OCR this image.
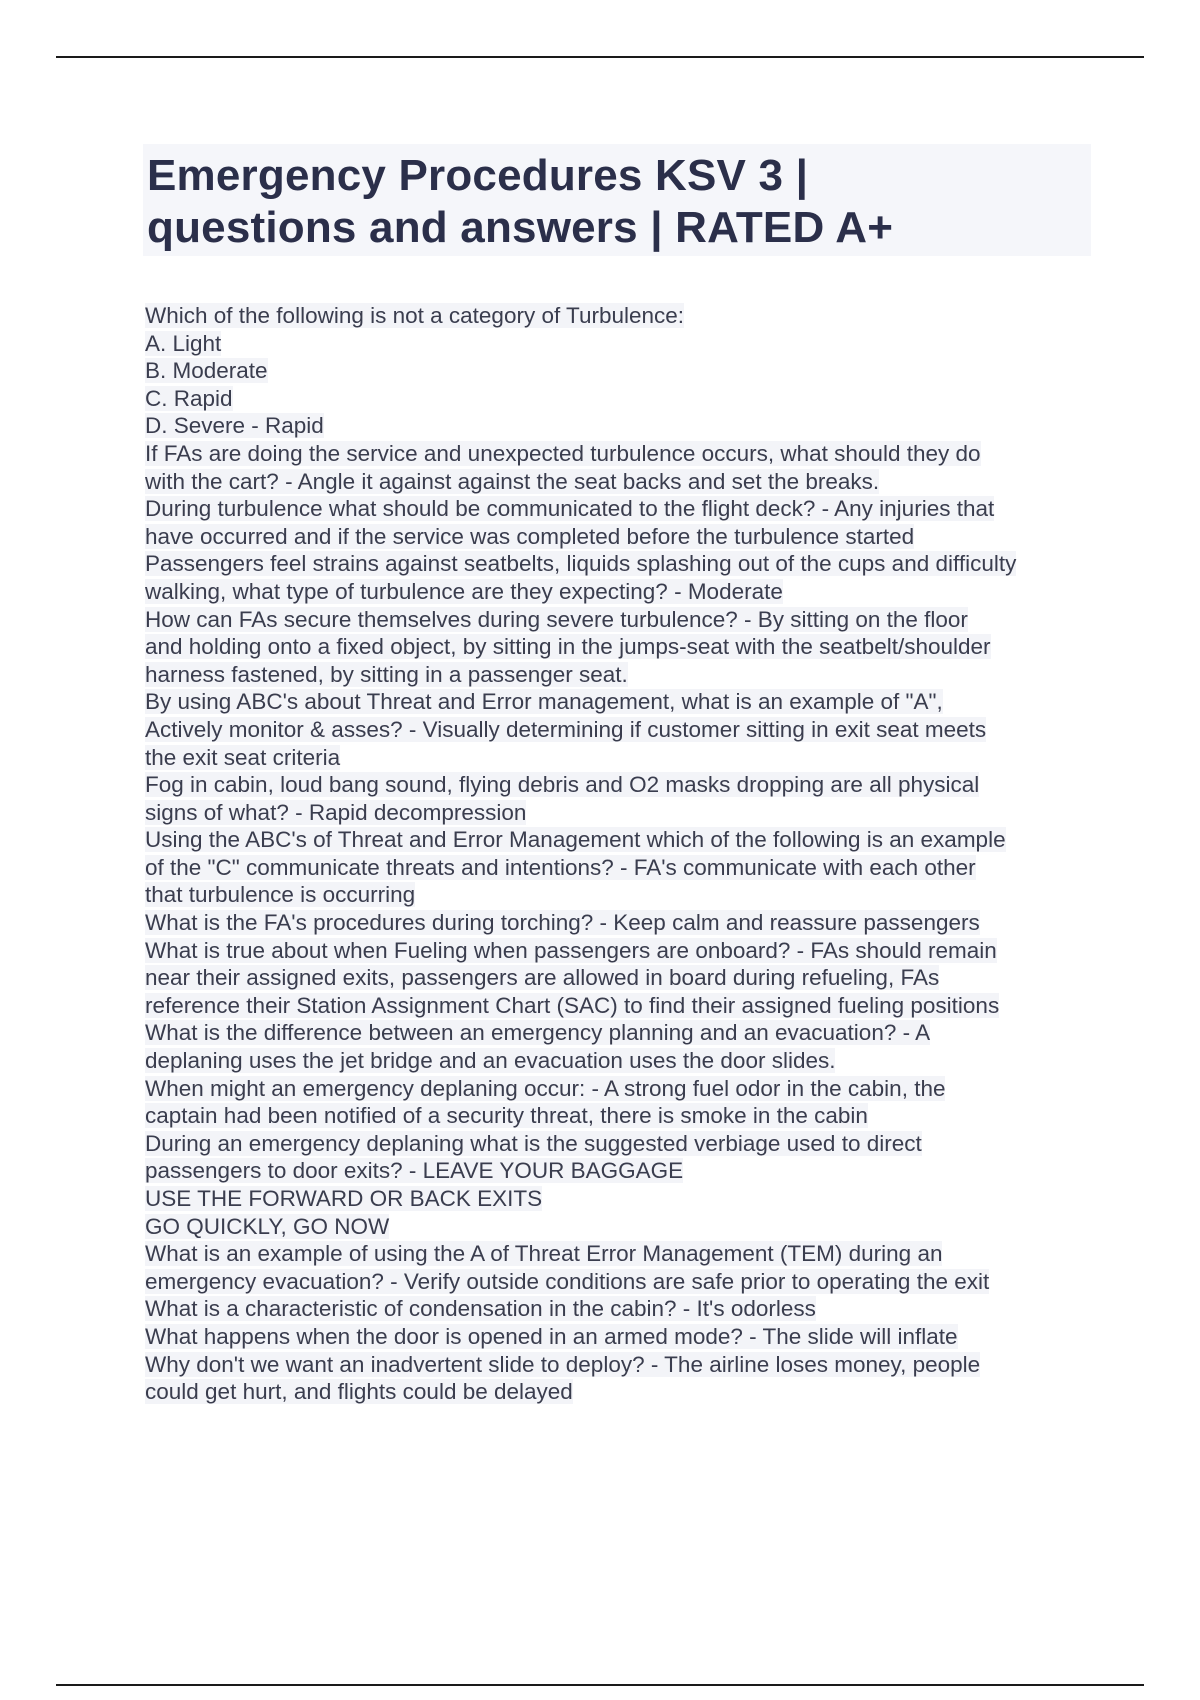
Emergency Procedures KSV 3 |
questions and answers | RATED A+
Which of the following is not a category of Turbulence:
A. Light
B. Moderate
C. Rapid
D. Severe - Rapid
If FAs are doing the service and unexpected turbulence occurs, what should they do
with the cart? - Angle it against against the seat backs and set the breaks.
During turbulence what should be communicated to the flight deck? - Any injuries that
have occurred and if the service was completed before the turbulence started
Passengers feel strains against seatbelts, liquids splashing out of the cups and difficulty
walking, what type of turbulence are they expecting? - Moderate
How can FAs secure themselves during severe turbulence? - By sitting on the floor
and holding onto a fixed object, by sitting in the jumps-seat with the seatbelt/shoulder
harness fastened, by sitting in a passenger seat.
By using ABC's about Threat and Error management, what is an example of "A",
Actively monitor & asses? - Visually determining if customer sitting in exit seat meets
the exit seat criteria
Fog in cabin, loud bang sound, flying debris and O2 masks dropping are all physical
signs of what? - Rapid decompression
Using the ABC's of Threat and Error Management which of the following is an example
of the "C" communicate threats and intentions? - FA's communicate with each other
that turbulence is occurring
What is the FA's procedures during torching? - Keep calm and reassure passengers
What is true about when Fueling when passengers are onboard? - FAs should remain
near their assigned exits, passengers are allowed in board during refueling, FAs
reference their Station Assignment Chart (SAC) to find their assigned fueling positions
What is the difference between an emergency planning and an evacuation? - A
deplaning uses the jet bridge and an evacuation uses the door slides.
When might an emergency deplaning occur: - A strong fuel odor in the cabin, the
captain had been notified of a security threat, there is smoke in the cabin
During an emergency deplaning what is the suggested verbiage used to direct
passengers to door exits? - LEAVE YOUR BAGGAGE
USE THE FORWARD OR BACK EXITS
GO QUICKLY, GO NOW
What is an example of using the A of Threat Error Management (TEM) during an
emergency evacuation? - Verify outside conditions are safe prior to operating the exit
What is a characteristic of condensation in the cabin? - It's odorless
What happens when the door is opened in an armed mode? - The slide will inflate
Why don't we want an inadvertent slide to deploy? - The airline loses money, people
could get hurt, and flights could be delayed
